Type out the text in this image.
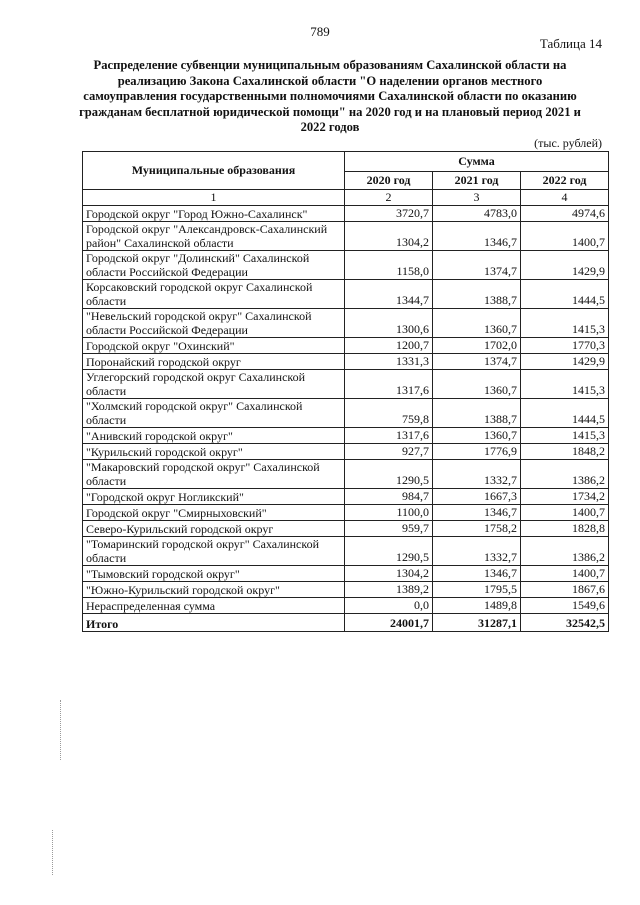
789
Таблица 14
Распределение субвенции муниципальным образованиям Сахалинской области на реализацию Закона Сахалинской области "О наделении органов местного самоуправления государственными полномочиями Сахалинской области по оказанию гражданам бесплатной юридической помощи" на 2020 год и на плановый период 2021 и 2022 годов
(тыс. рублей)
Муниципальные образования	Сумма		
	2020 год	2021 год	2022 год
1	2	3	4
Городской округ "Город Южно-Сахалинск"	3720,7	4783,0	4974,6
Городской округ "Александровск-Сахалинский район" Сахалинской области	1304,2	1346,7	1400,7
Городской округ "Долинский" Сахалинской области Российской Федерации	1158,0	1374,7	1429,9
Корсаковский городской округ Сахалинской области	1344,7	1388,7	1444,5
"Невельский городской округ" Сахалинской области Российской Федерации	1300,6	1360,7	1415,3
Городской округ "Охинский"	1200,7	1702,0	1770,3
Поронайский городской округ	1331,3	1374,7	1429,9
Углегорский городской округ Сахалинской области	1317,6	1360,7	1415,3
"Холмский городской округ" Сахалинской области	759,8	1388,7	1444,5
"Анивский городской округ"	1317,6	1360,7	1415,3
"Курильский городской округ"	927,7	1776,9	1848,2
"Макаровский городской округ" Сахалинской области	1290,5	1332,7	1386,2
"Городской округ Ногликский"	984,7	1667,3	1734,2
Городской округ "Смирныховский"	1100,0	1346,7	1400,7
Северо-Курильский городской округ	959,7	1758,2	1828,8
"Томаринский городской округ" Сахалинской области	1290,5	1332,7	1386,2
"Тымовский городской округ"	1304,2	1346,7	1400,7
"Южно-Курильский городской округ"	1389,2	1795,5	1867,6
Нераспределенная сумма	0,0	1489,8	1549,6
Итого	24001,7	31287,1	32542,5
